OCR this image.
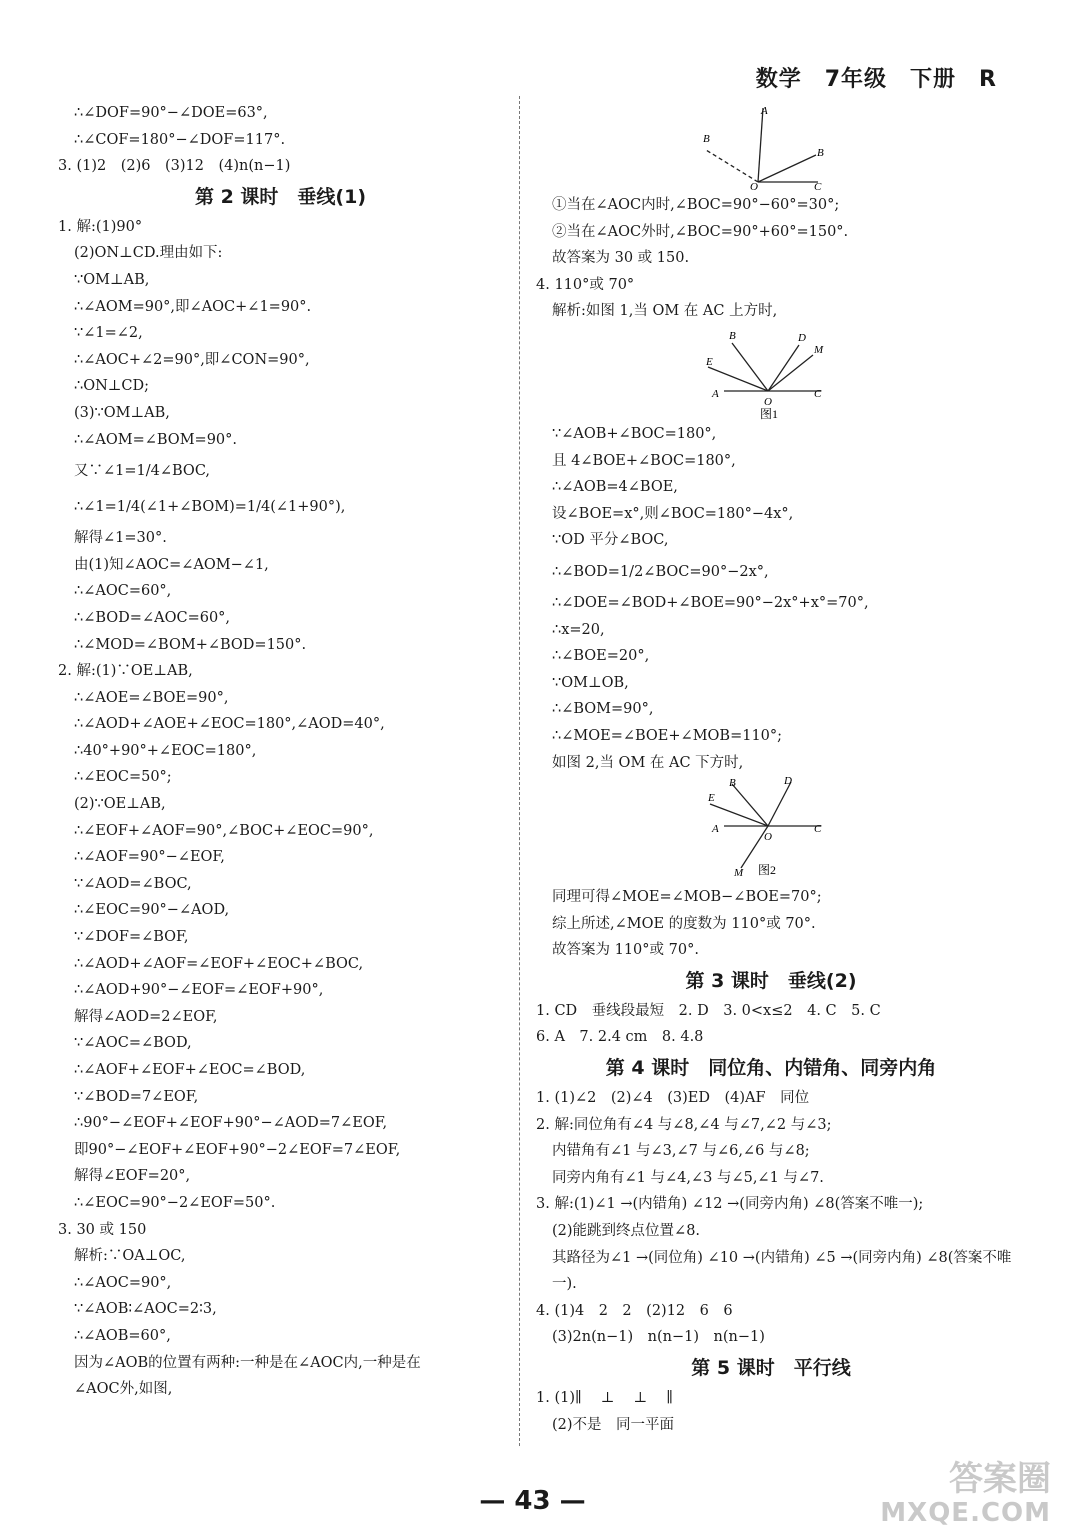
数学　7年级　下册　R
∴∠DOF=90°−∠DOE=63°,
∴∠COF=180°−∠DOF=117°.
3. (1)2　(2)6　(3)12　(4)n(n−1)
第 2 课时　垂线(1)
1. 解:(1)90°
(2)ON⊥CD.理由如下:
∵OM⊥AB,
∴∠AOM=90°,即∠AOC+∠1=90°.
∵∠1=∠2,
∴∠AOC+∠2=90°,即∠CON=90°,
∴ON⊥CD;
(3)∵OM⊥AB,
∴∠AOM=∠BOM=90°.
又∵∠1=1/4∠BOC,
∴∠1=1/4(∠1+∠BOM)=1/4(∠1+90°),
解得∠1=30°.
由(1)知∠AOC=∠AOM−∠1,
∴∠AOC=60°,
∴∠BOD=∠AOC=60°,
∴∠MOD=∠BOM+∠BOD=150°.
2. 解:(1)∵OE⊥AB,
∴∠AOE=∠BOE=90°,
∴∠AOD+∠AOE+∠EOC=180°,∠AOD=40°,
∴40°+90°+∠EOC=180°,
∴∠EOC=50°;
(2)∵OE⊥AB,
∴∠EOF+∠AOF=90°,∠BOC+∠EOC=90°,
∴∠AOF=90°−∠EOF,
∵∠AOD=∠BOC,
∴∠EOC=90°−∠AOD,
∵∠DOF=∠BOF,
∴∠AOD+∠AOF=∠EOF+∠EOC+∠BOC,
∴∠AOD+90°−∠EOF=∠EOF+90°,
解得∠AOD=2∠EOF,
∵∠AOC=∠BOD,
∴∠AOF+∠EOF+∠EOC=∠BOD,
∵∠BOD=7∠EOF,
∴90°−∠EOF+∠EOF+90°−∠AOD=7∠EOF,
即90°−∠EOF+∠EOF+90°−2∠EOF=7∠EOF,
解得∠EOF=20°,
∴∠EOC=90°−2∠EOF=50°.
3. 30 或 150
解析:∵OA⊥OC,
∴∠AOC=90°,
∵∠AOB∶∠AOC=2∶3,
∴∠AOB=60°,
因为∠AOB的位置有两种:一种是在∠AOC内,一种是在
∠AOC外,如图,
A
B
B
O	C
①当在∠AOC内时,∠BOC=90°−60°=30°;
②当在∠AOC外时,∠BOC=90°+60°=150°.
故答案为 30 或 150.
4. 110°或 70°
解析:如图 1,当 OM 在 AC 上方时,
E
B	D
M
A
O
C
图1
∵∠AOB+∠BOC=180°,
且 4∠BOE+∠BOC=180°,
∴∠AOB=4∠BOE,
设∠BOE=x°,则∠BOC=180°−4x°,
∵OD 平分∠BOC,
∴∠BOD=1/2∠BOC=90°−2x°,
∴∠DOE=∠BOD+∠BOE=90°−2x°+x°=70°,
∴x=20,
∴∠BOE=20°,
∵OM⊥OB,
∴∠BOM=90°,
∴∠MOE=∠BOE+∠MOB=110°;
如图 2,当 OM 在 AC 下方时,
E
B	D
A
O
C
M 图2
同理可得∠MOE=∠MOB−∠BOE=70°;
综上所述,∠MOE 的度数为 110°或 70°.
故答案为 110°或 70°.
第 3 课时　垂线(2)
1. CD　垂线段最短　2. D　3. 0<x≤2　4. C　5. C
6. A　7. 2.4 cm　8. 4.8
第 4 课时　同位角、内错角、同旁内角
1. (1)∠2　(2)∠4　(3)ED　(4)AF　同位
2. 解:同位角有∠4 与∠8,∠4 与∠7,∠2 与∠3;
内错角有∠1 与∠3,∠7 与∠6,∠6 与∠8;
同旁内角有∠1 与∠4,∠3 与∠5,∠1 与∠7.
3. 解:(1)∠1 →(内错角) ∠12 →(同旁内角) ∠8(答案不唯一);
(2)能跳到终点位置∠8.
其路径为∠1 →(同位角) ∠10 →(内错角) ∠5 →(同旁内角) ∠8(答案不唯
一).
4. (1)4　2　2　(2)12　6　6
(3)2n(n−1)　n(n−1)　n(n−1)
第 5 课时　平行线
1. (1)∥　 ⊥　 ⊥　 ∥
(2)不是　同一平面
— 43 —
答案圈
MXQE.COM
